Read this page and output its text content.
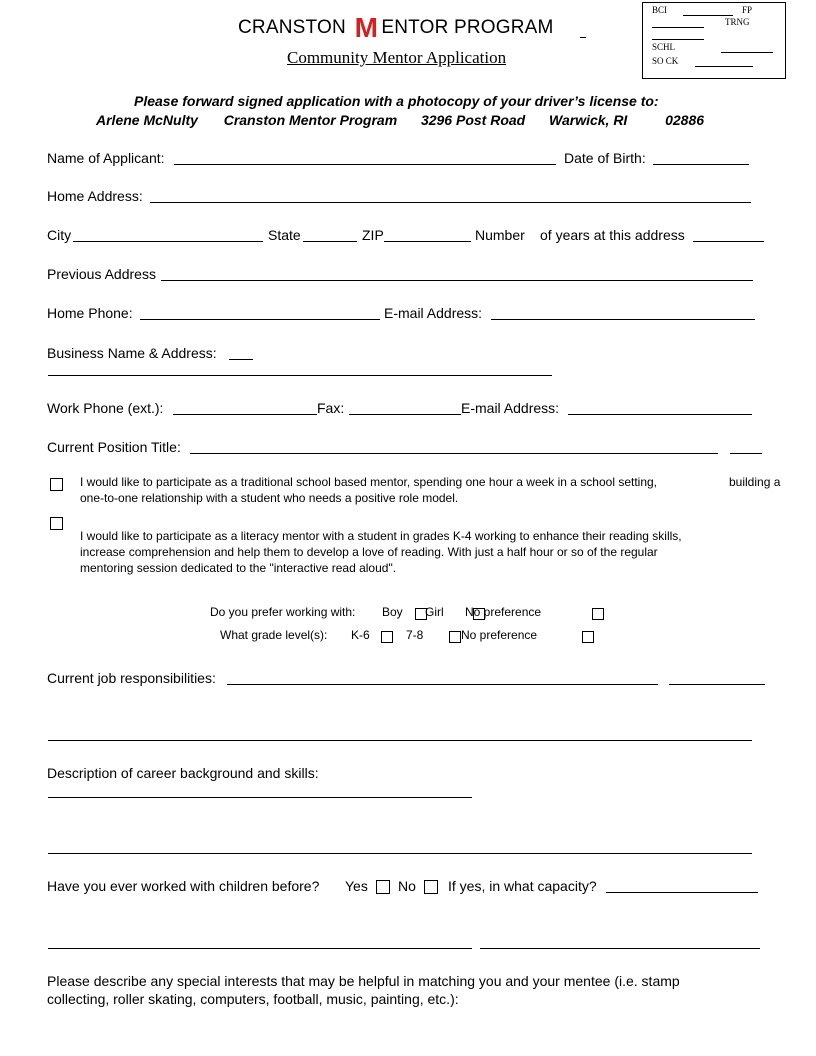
BCI	FP
TRNG
SCHL
SO CK
CRANSTON M ENTOR PROGRAM
Community Mentor Application
Please forward signed application with a photocopy of your driver’s license to:
Arlene McNulty Cranston Mentor Program 3296 Post Road Warwick, RI	02886
Name of Applicant:	Date of Birth:
Home Address:
City	State	ZIP	Number of years at this address
Previous Address
Home Phone:	E-mail Address:
Business Name & Address:
Work Phone (ext.):	Fax:	E-mail Address:
Current Position Title:
I would like to participate as a traditional school based mentor, spending one hour a week in a school setting,	building a
one-to-one relationship with a student who needs a positive role model.
I would like to participate as a literacy mentor with a student in grades K-4 working to enhance their reading skills,
increase comprehension and help them to develop a love of reading. With just a half hour or so of the regular
mentoring session dedicated to the "interactive read aloud".
Do you prefer working with: Boy Girl No preference
What grade level(s): K-6	7-8	No preference
Current job responsibilities:
Description of career background and skills:
Have you ever worked with children before? Yes No If yes, in what capacity?
Please describe any special interests that may be helpful in matching you and your mentee (i.e. stamp
collecting, roller skating, computers, football, music, painting, etc.):
